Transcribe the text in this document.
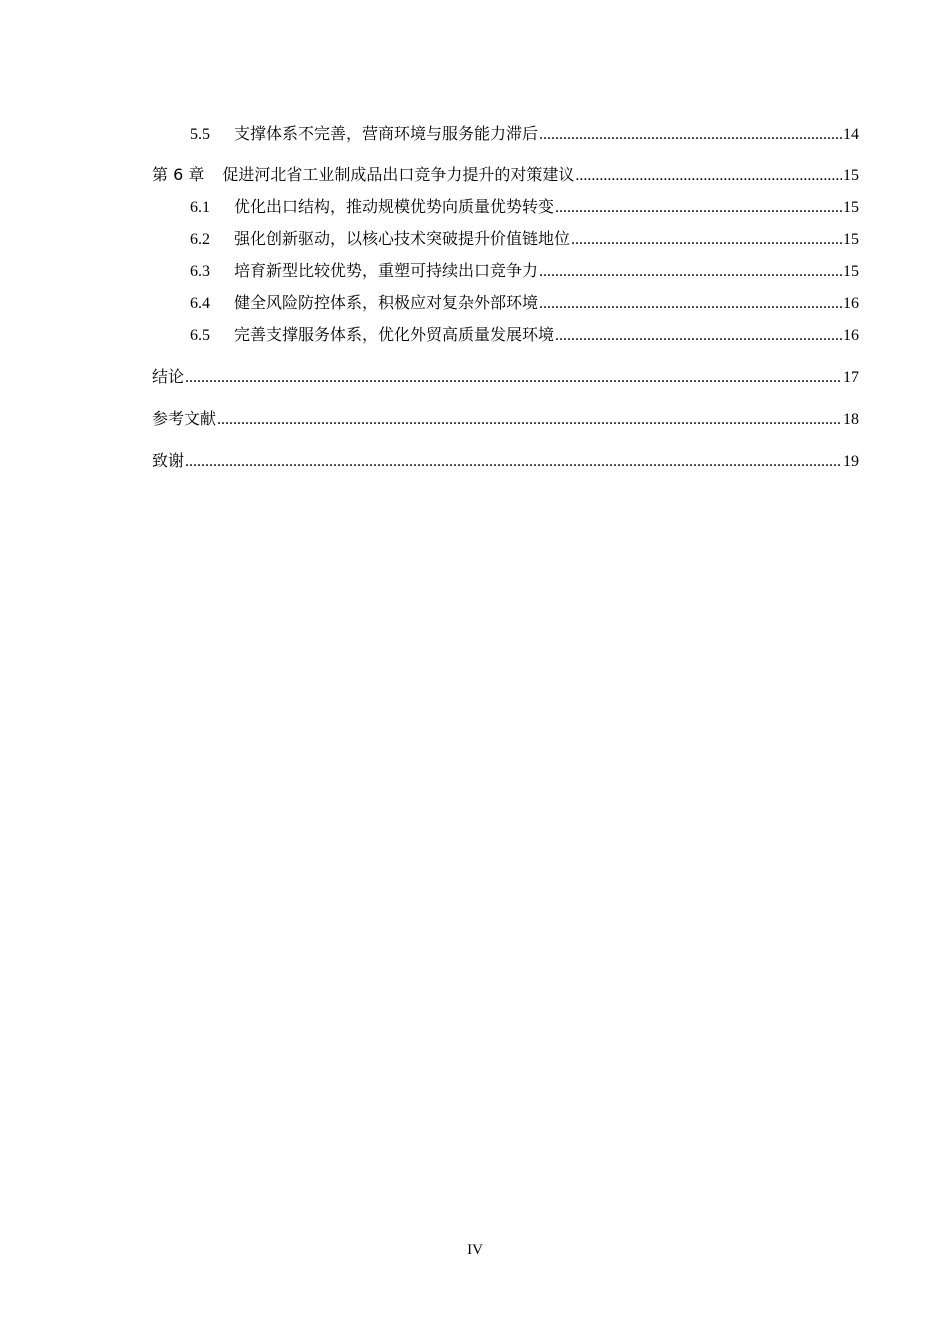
5.5	支撑体系不完善，营商环境与服务能力滞后 .....	14
第 6 章 促进河北省工业制成品出口竞争力提升的对策建议 .....	15
6.1	优化出口结构，推动规模优势向质量优势转变 .....	15
6.2	强化创新驱动，以核心技术突破提升价值链地位 .....	15
6.3	培育新型比较优势，重塑可持续出口竞争力 .....	15
6.4	健全风险防控体系，积极应对复杂外部环境 .....	16
6.5	完善支撑服务体系，优化外贸高质量发展环境 .....	16
结论 .....	17
参考文献 .....	18
致谢 .....	19
IV
